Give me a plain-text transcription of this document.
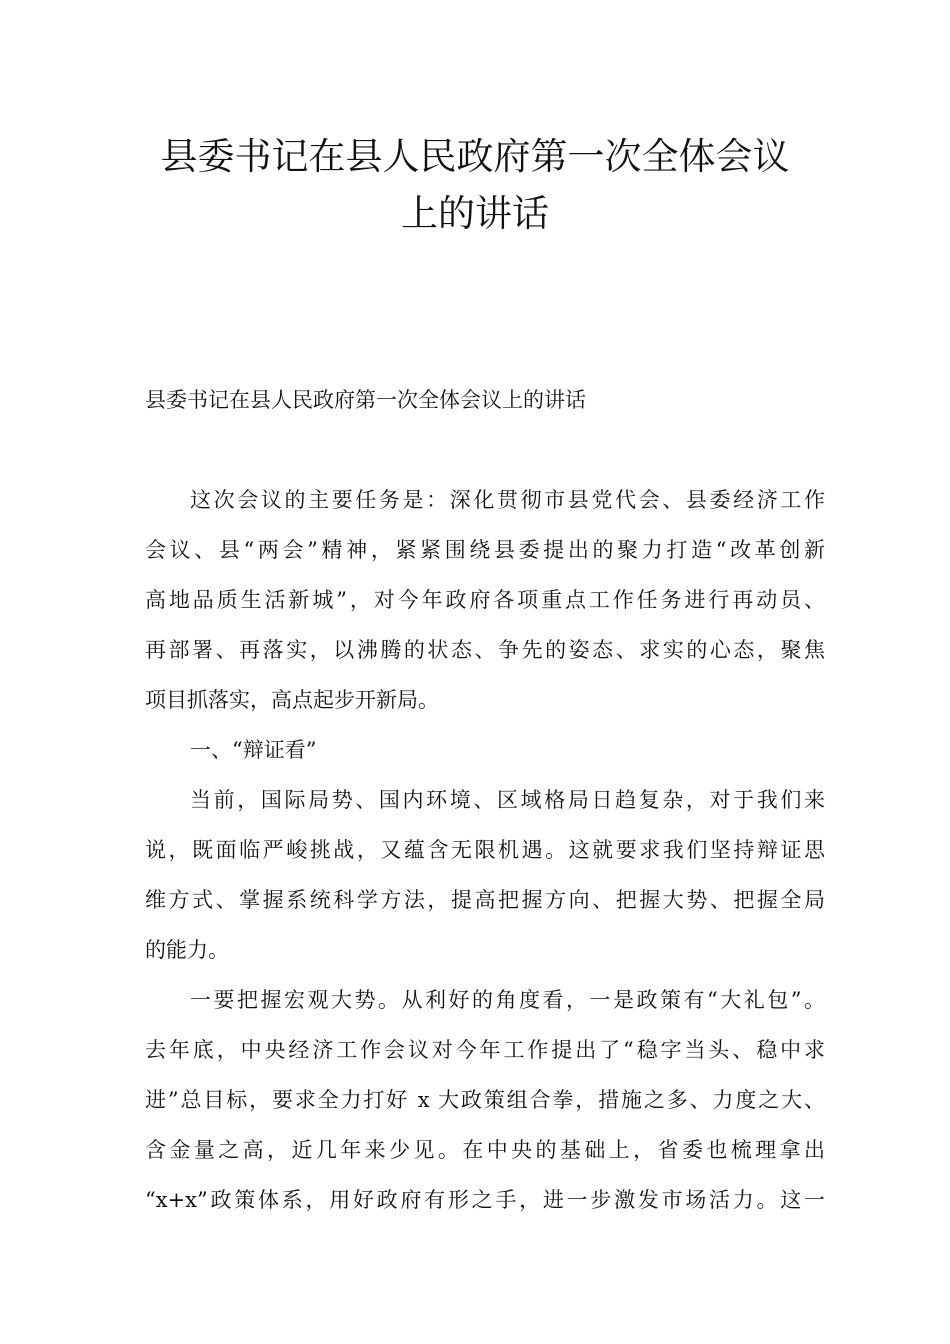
县委书记在县人民政府第一次全体会议
上的讲话
县委书记在县人民政府第一次全体会议上的讲话
这次会议的主要任务是：深化贯彻市县党代会、县委经济工作
会议、县“两会”精神，紧紧围绕县委提出的聚力打造“改革创新
高地品质生活新城”，对今年政府各项重点工作任务进行再动员、
再部署、再落实，以沸腾的状态、争先的姿态、求实的心态，聚焦
项目抓落实，高点起步开新局。
一、“辩证看”
当前，国际局势、国内环境、区域格局日趋复杂，对于我们来
说，既面临严峻挑战，又蕴含无限机遇。这就要求我们坚持辩证思
维方式、掌握系统科学方法，提高把握方向、把握大势、把握全局
的能力。
一要把握宏观大势。从利好的角度看，一是政策有“大礼包”。
去年底，中央经济工作会议对今年工作提出了“稳字当头、稳中求
进”总目标，要求全力打好 x 大政策组合拳，措施之多、力度之大、
含金量之高，近几年来少见。在中央的基础上，省委也梳理拿出
“x+x”政策体系，用好政府有形之手，进一步激发市场活力。这一
